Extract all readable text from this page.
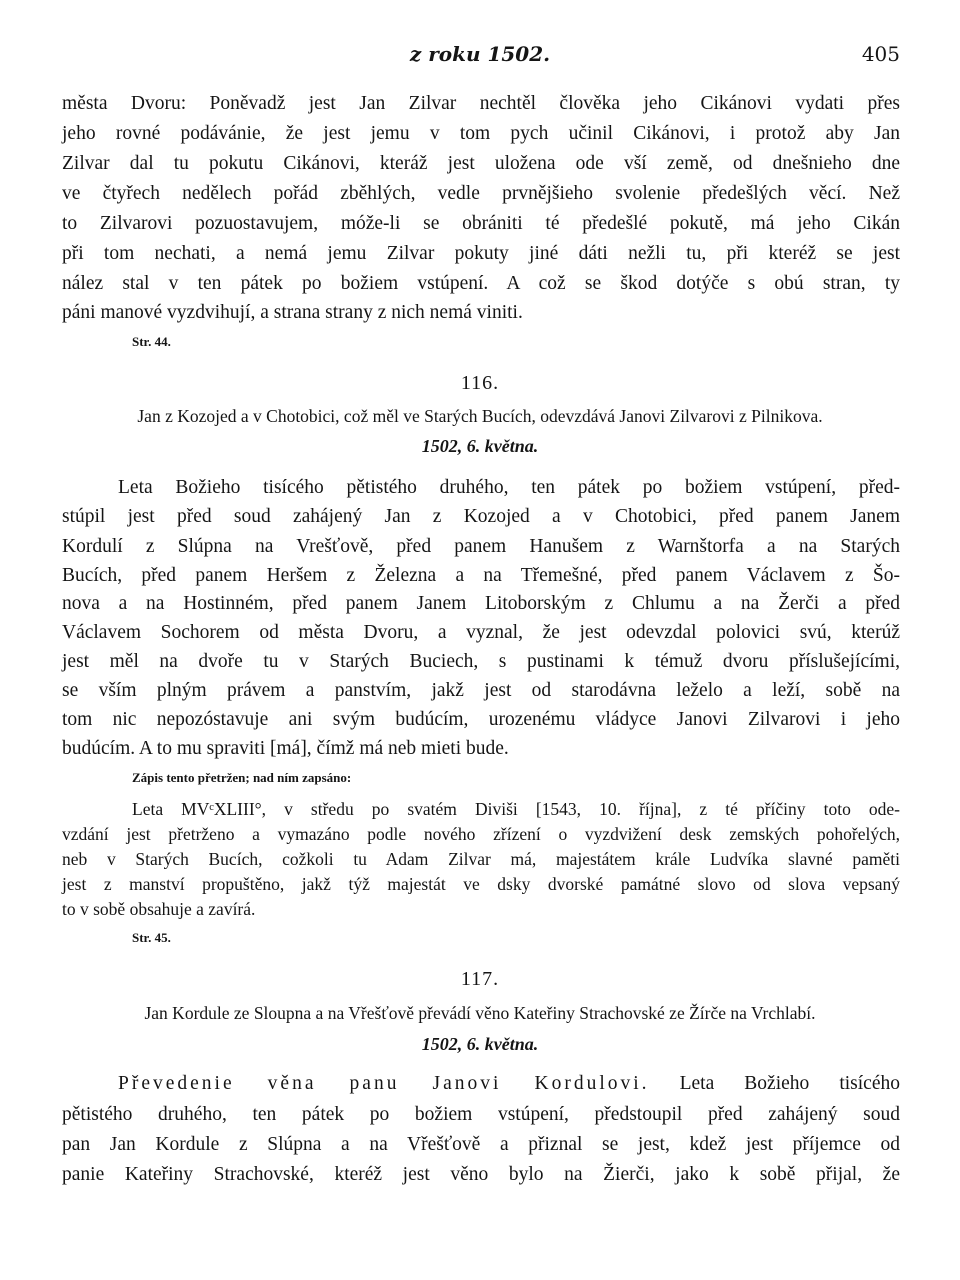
z roku 1502.	405
města Dvoru: Poněvadž jest Jan Zilvar nechtěl člověka jeho Cikánovi vydati přes
jeho rovné podávánie, že jest jemu v tom pych učinil Cikánovi, i protož aby Jan
Zilvar dal tu pokutu Cikánovi, kteráž jest uložena ode vší země, od dnešnieho dne
ve čtyřech nedělech pořád zběhlých, vedle prvnějšieho svolenie předešlých věcí. Než
to Zilvarovi pozuostavujem, móže-li se obrániti té předešlé pokutě, má jeho Cikán
při tom nechati, a nemá jemu Zilvar pokuty jiné dáti nežli tu, při kteréž se jest
nález stal v ten pátek po božiem vstúpení. A což se škod dotýče s obú stran, ty
páni manové vyzdvihují, a strana strany z nich nemá viniti.
Str. 44.
116.
Jan z Kozojed a v Chotobici, což měl ve Starých Bucích, odevzdává Janovi Zilvarovi z Pilnikova.
1502, 6. května.
Leta Božieho tisícého pětistého druhého, ten pátek po božiem vstúpení, před-
stúpil jest před soud zahájený Jan z Kozojed a v Chotobici, před panem Janem
Kordulí z Slúpna na Vrešťově, před panem Hanušem z Warnštorfa a na Starých
Bucích, před panem Heršem z Železna a na Třemešné, před panem Václavem z Šo-
nova a na Hostinném, před panem Janem Litoborským z Chlumu a na Žerči a před
Václavem Sochorem od města Dvoru, a vyznal, že jest odevzdal polovici svú, kterúž
jest měl na dvoře tu v Starých Buciech, s pustinami k témuž dvoru příslušejícími,
se vším plným právem a panstvím, jakž jest od starodávna leželo a leží, sobě na
tom nic nepozóstavuje ani svým budúcím, urozenému vládyce Janovi Zilvarovi i jeho
budúcím. A to mu spraviti [má], čímž má neb mieti bude.
Zápis tento přetržen; nad ním zapsáno:
Leta MVᶜXLIII°, v středu po svatém Diviši [1543, 10. října], z té příčiny toto ode-
vzdání jest přetrženo a vymazáno podle nového zřízení o vyzdvižení desk zemských pohořelých,
neb v Starých Bucích, cožkoli tu Adam Zilvar má, majestátem krále Ludvíka slavné paměti
jest z manství propuštěno, jakž týž majestát ve dsky dvorské památné slovo od slova vepsaný
to v sobě obsahuje a zavírá.
Str. 45.
117.
Jan Kordule ze Sloupna a na Vřešťově převádí věno Kateřiny Strachovské ze Žírče na Vrchlabí.
1502, 6. května.
Převedenie věna panu Janovi Kordulovi. Leta Božieho tisícého
pětistého druhého, ten pátek po božiem vstúpení, předstoupil před zahájený soud
pan Jan Kordule z Slúpna a na Vřešťově a přiznal se jest, kdež jest příjemce od
panie Kateřiny Strachovské, kteréž jest věno bylo na Žierči, jako k sobě přijal, že
